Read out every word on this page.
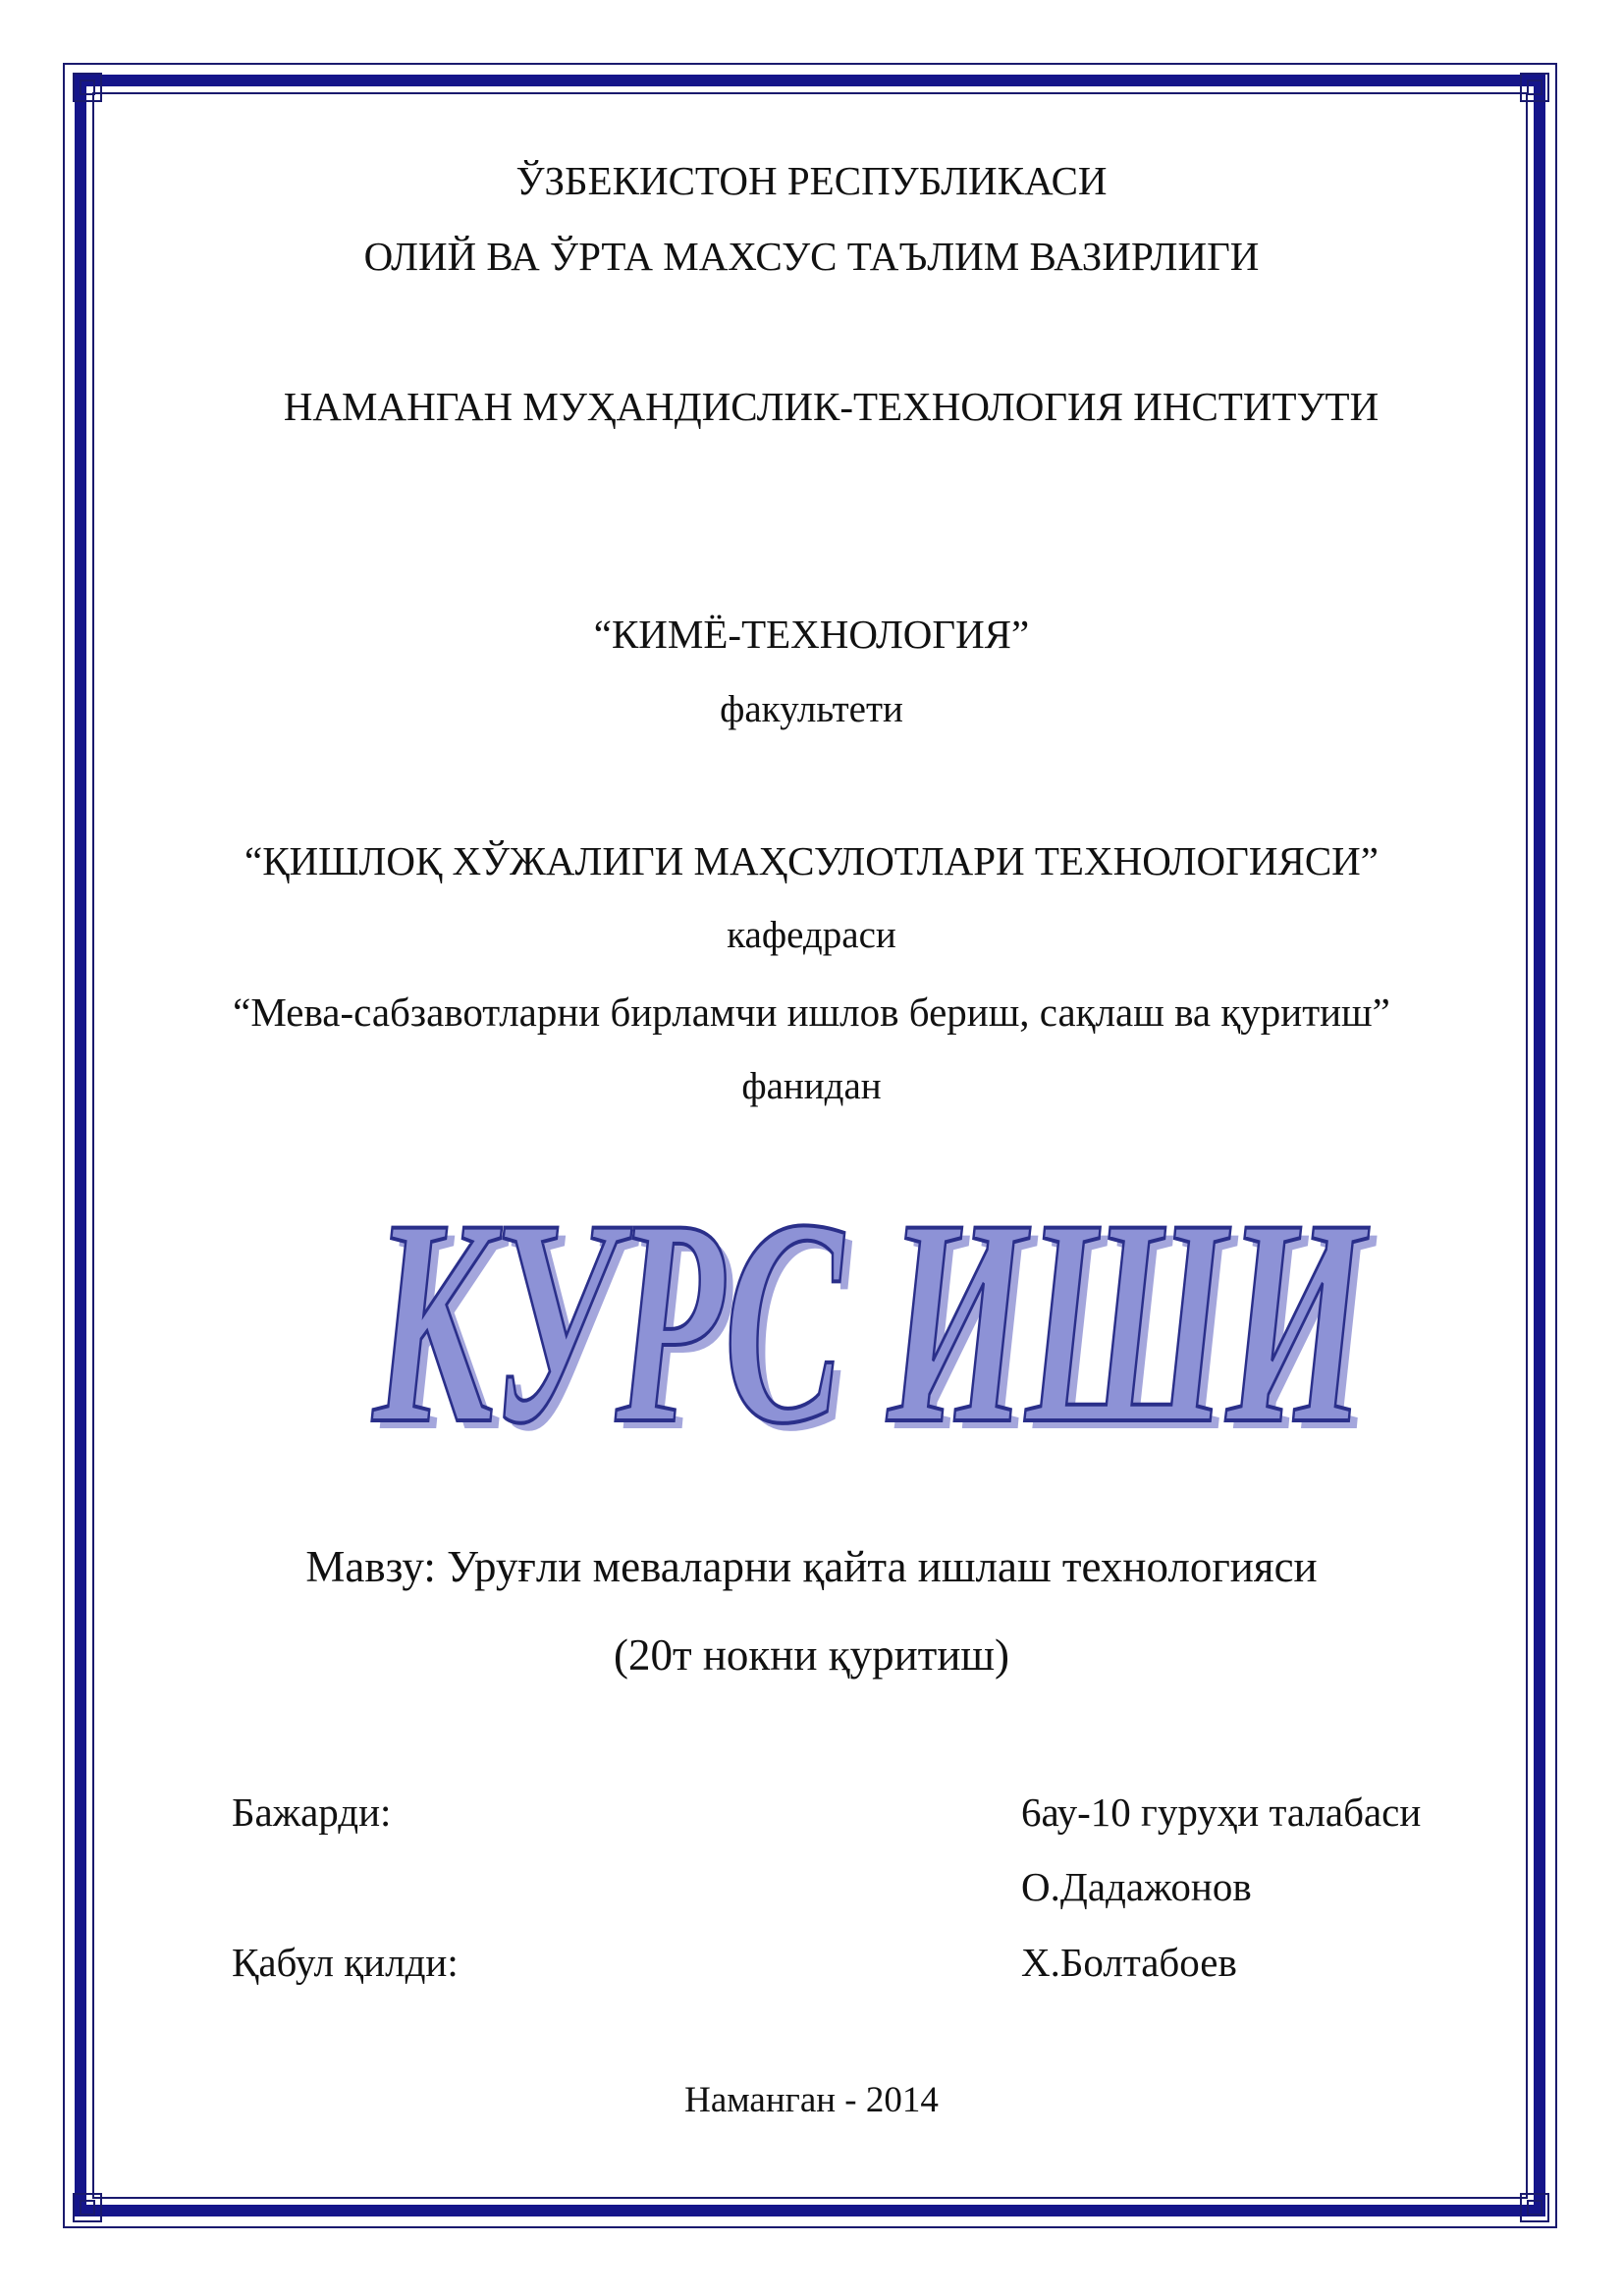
ЎЗБЕКИСТОН РЕСПУБЛИКАСИ
ОЛИЙ ВА ЎРТА МАХСУС ТАЪЛИМ ВАЗИРЛИГИ
НАМАНГАН МУҲАНДИСЛИК-ТЕХНОЛОГИЯ ИНСТИТУТИ
“КИМЁ-ТЕХНОЛОГИЯ”
факультети
“ҚИШЛОҚ ХЎЖАЛИГИ МАҲСУЛОТЛАРИ ТЕХНОЛОГИЯСИ”
кафедраси
“Мева-сабзавотларни бирламчи ишлов бериш, сақлаш ва қуритиш”
фанидан
КУРС ИШИ
КУРС ИШИ
Мавзу: Уруғли меваларни қайта ишлаш технологияси
(20т нокни қуритиш)
Бажарди:	6ау-10 гуруҳи талабаси
О.Дадажонов
Қабул қилди:	Х.Болтабоев
Наманган - 2014
